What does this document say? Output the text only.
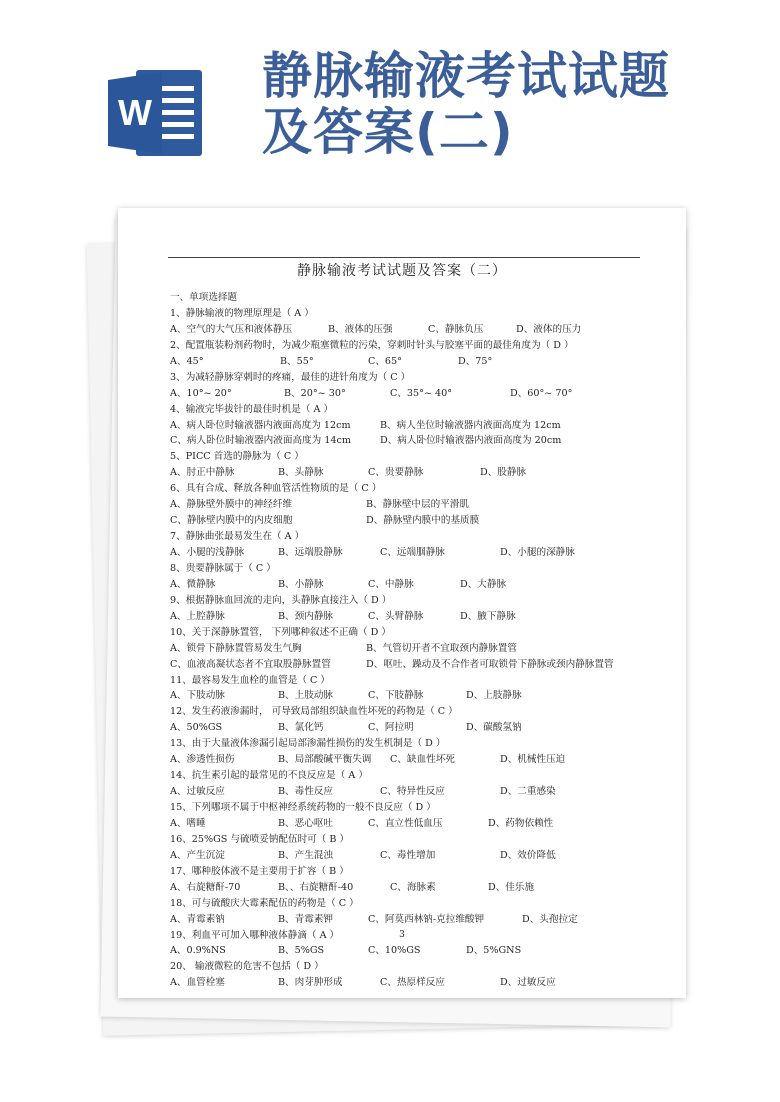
W
静脉输液考试试题
及答案(二)
静脉输液考试试题及答案（二）
一、单项选择题
1、静脉输液的物理原理是（ A ）
A、空气的大气压和液体静压	B、液体的压强	C、静脉负压	D、液体的压力
2、配置瓶装粉剂药物时，为减少瓶塞微粒的污染，穿刺时针头与胶塞平面的最佳角度为（ D ）
A、45°	B、55°	C、65°	D、75°
3、为减轻静脉穿刺时的疼痛，最佳的进针角度为（ C ）
A、10°~ 20°	B、20°~ 30°	C、35°~ 40°	D、60°~ 70°
4、输液完毕拔针的最佳时机是（ A ）
A、病人卧位时输液器内液面高度为 12cm	B、病人坐位时输液器内液面高度为 12cm
C、病人卧位时输液器内液面高度为 14cm	D、病人卧位时输液器内液面高度为 20cm
5、PICC 首选的静脉为（ C ）
A、肘正中静脉	B、头静脉	C、贵要静脉	D、股静脉
6、具有合成、释放各种血管活性物质的是（ C ）
A、静脉壁外膜中的神经纤维	B、静脉壁中层的平滑肌
C、静脉壁内膜中的内皮细胞	D、静脉壁内膜中的基质膜
7、静脉曲张最易发生在（ A ）
A、小腿的浅静脉	B、远端股静脉	C、远端腘静脉	D、小腿的深静脉
8、贵要静脉属于（ C ）
A、微静脉	B、小静脉	C、中静脉	D、大静脉
9、根据静脉血回流的走向，头静脉直接注入（ D ）
A、上腔静脉	B、颈内静脉	C、头臂静脉	D、腋下静脉
10、关于深静脉置管， 下列哪种叙述不正确（ D ）
A、锁骨下静脉置管易发生气胸	B、气管切开者不宜取颈内静脉置管
C、血液高凝状态者不宜取股静脉置管	D、呕吐、躁动及不合作者可取锁骨下静脉或颈内静脉置管
11、最容易发生血栓的血管是（ C ）
A、下肢动脉	B、上肢动脉	C、下肢静脉	D、上肢静脉
12、发生药液渗漏时， 可导致局部组织缺血性坏死的药物是（ C ）
A、50%GS	B、氯化钙	C、阿拉明	D、碳酸氢钠
13、由于大量液体渗漏引起局部渗漏性损伤的发生机制是（ D ）
A、渗透性损伤	B、局部酸碱平衡失调 C、缺血性坏死	D、机械性压迫
14、抗生素引起的最常见的不良反应是（ A ）
A、过敏反应	B、毒性反应	C、特异性反应	D、二重感染
15、下列哪项不属于中枢神经系统药物的一般不良反应（ D ）
A、嗜睡	B、恶心呕吐	C、直立性低血压	D、药物依赖性
16、25%GS 与硫喷妥钠配伍时可（ B ）
A、产生沉淀	B、产生混浊	C、毒性增加	D、效价降低
17、哪种胶体液不是主要用于扩容（ B ）
A、右旋糖酐-70	B、、右旋糖酐-40	C、海脉素	D、佳乐施
18、可与硫酸庆大霉素配伍的药物是（ C ）
A、青霉素钠	B、青霉素钾	C、阿莫西林钠-克拉维酸钾	D、头孢拉定
19、利血平可加入哪种液体静滴（ A ）
A、0.9%NS	B、5%GS	C、10%GS	D、5%GNS
20、 输液微粒的危害不包括（ D ）
A、血管栓塞	B、肉芽肿形成	C、热原样反应	D、过敏反应
3
